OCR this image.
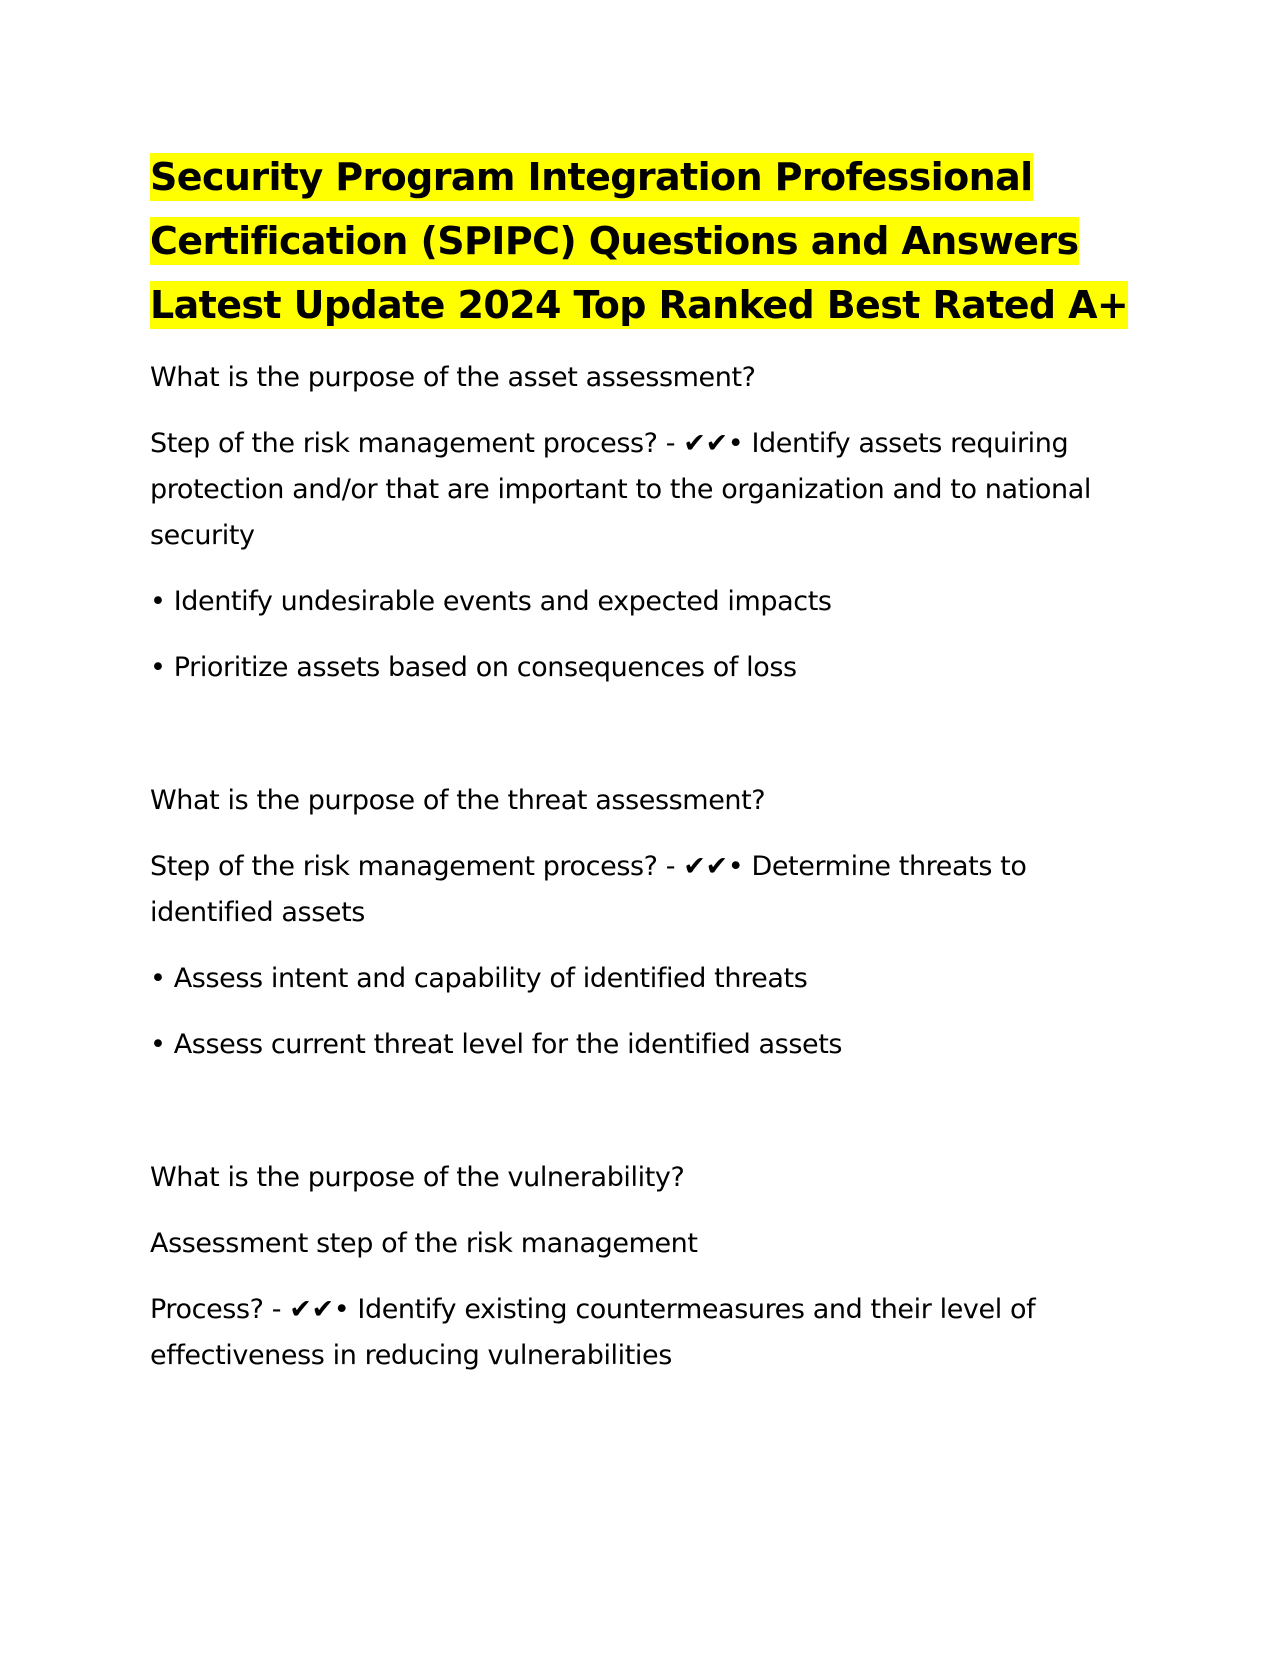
Security Program Integration Professional Certification (SPIPC) Questions and Answers Latest Update 2024 Top Ranked Best Rated A+

What is the purpose of the asset assessment?

Step of the risk management process? - ✔✔• Identify assets requiring protection and/or that are important to the organization and to national security

• Identify undesirable events and expected impacts

• Prioritize assets based on consequences of loss

What is the purpose of the threat assessment?

Step of the risk management process? - ✔✔• Determine threats to identified assets

• Assess intent and capability of identified threats

• Assess current threat level for the identified assets

What is the purpose of the vulnerability?

Assessment step of the risk management

Process? - ✔✔• Identify existing countermeasures and their level of effectiveness in reducing vulnerabilities
